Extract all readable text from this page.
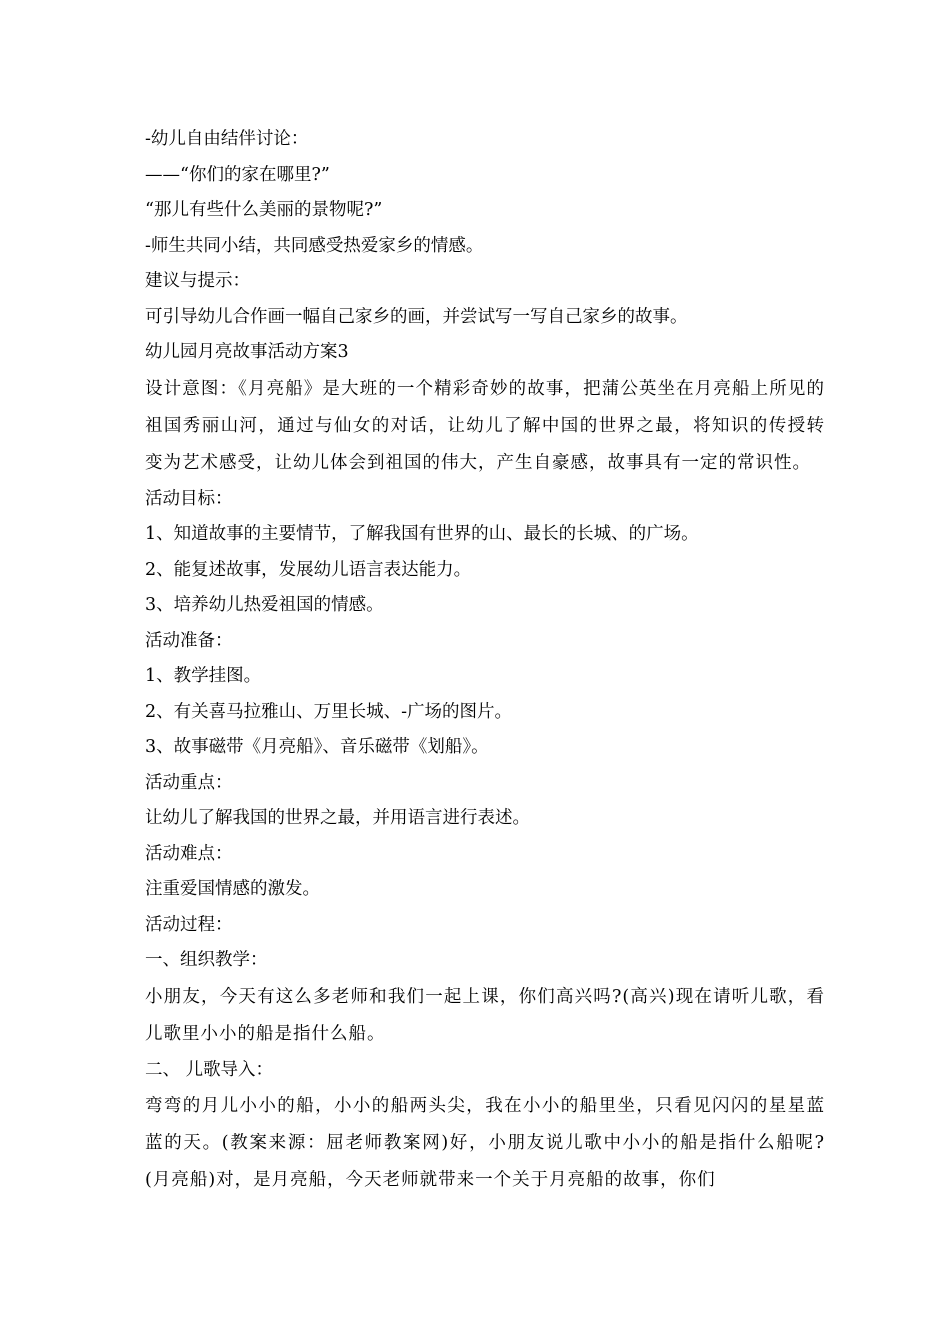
-幼儿自由结伴讨论：
——“你们的家在哪里?”
“那儿有些什么美丽的景物呢?”
-师生共同小结，共同感受热爱家乡的情感。
建议与提示：
可引导幼儿合作画一幅自己家乡的画，并尝试写一写自己家乡的故事。
幼儿园月亮故事活动方案3
设计意图：《月亮船》是大班的一个精彩奇妙的故事，把蒲公英坐在月亮船上所见的祖国秀丽山河，通过与仙女的对话，让幼儿了解中国的世界之最，将知识的传授转变为艺术感受，让幼儿体会到祖国的伟大，产生自豪感，故事具有一定的常识性。
活动目标：
1、知道故事的主要情节，了解我国有世界的山、最长的长城、的广场。
2、能复述故事，发展幼儿语言表达能力。
3、培养幼儿热爱祖国的情感。
活动准备：
1、教学挂图。
2、有关喜马拉雅山、万里长城、-广场的图片。
3、故事磁带《月亮船》、音乐磁带《划船》。
活动重点：
让幼儿了解我国的世界之最，并用语言进行表述。
活动难点：
注重爱国情感的激发。
活动过程：
一、组织教学：
小朋友，今天有这么多老师和我们一起上课，你们高兴吗?(高兴)现在请听儿歌，看儿歌里小小的船是指什么船。
二、 儿歌导入：
弯弯的月儿小小的船，小小的船两头尖，我在小小的船里坐，只看见闪闪的星星蓝蓝的天。(教案来源：屈老师教案网)好，小朋友说儿歌中小小的船是指什么船呢?(月亮船)对，是月亮船，今天老师就带来一个关于月亮船的故事，你们
